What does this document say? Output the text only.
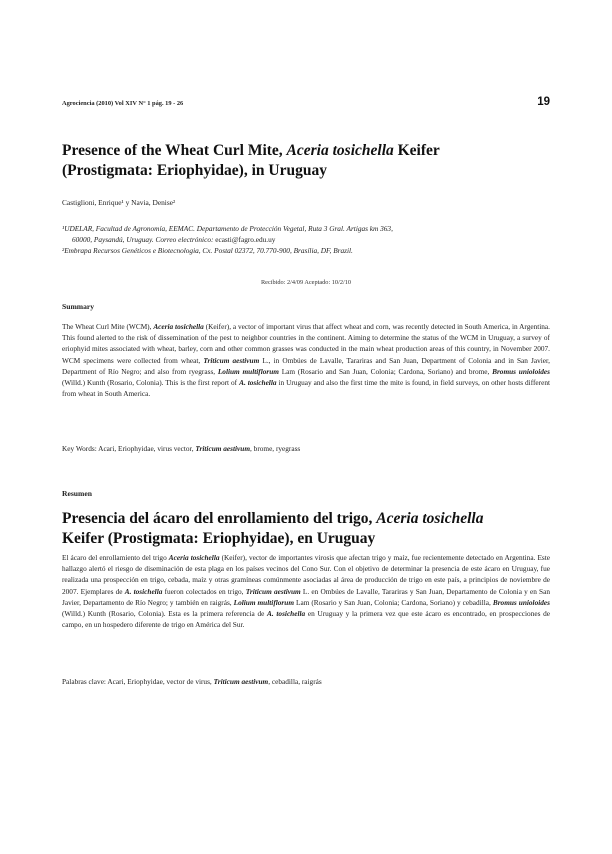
Agrociencia (2010) Vol XIV N° 1 pág. 19 - 26	19
Presence of the Wheat Curl Mite, Aceria tosichella Keifer
(Prostigmata: Eriophyidae), in Uruguay
Castiglioni, Enrique¹ y Navia, Denise²
¹UDELAR, Facultad de Agronomía, EEMAC. Departamento de Protección Vegetal, Ruta 3 Gral. Artigas km 363,
60000, Paysandú, Uruguay. Correo electrónico: ecasti@fagro.edu.uy
²Embrapa Recursos Genéticos e Biotecnologia, Cx. Postal 02372, 70.770-900, Brasília, DF, Brazil.
Recibido: 2/4/09 Aceptado: 10/2/10
Summary
The Wheat Curl Mite (WCM), Aceria tosichella (Keifer), a vector of important virus that affect wheat and corn, was recently detected in South America, in Argentina. This found alerted to the risk of dissemination of the pest to neighbor countries in the continent. Aiming to determine the status of the WCM in Uruguay, a survey of eriophyid mites associated with wheat, barley, corn and other common grasses was conducted in the main wheat production areas of this country, in November 2007. WCM specimens were collected from wheat, Triticum aestivum L., in Ombúes de Lavalle, Tarariras and San Juan, Department of Colonia and in San Javier, Department of Río Negro; and also from ryegrass, Lolium multiflorum Lam (Rosario and San Juan, Colonia; Cardona, Soriano) and brome, Bromus unioloides (Willd.) Kunth (Rosario, Colonia). This is the first report of A. tosichella in Uruguay and also the first time the mite is found, in field surveys, on other hosts different from wheat in South America.
Key Words: Acari, Eriophyidae, virus vector, Triticum aestivum, brome, ryegrass
Resumen
Presencia del ácaro del enrollamiento del trigo, Aceria tosichella
Keifer (Prostigmata: Eriophyidae), en Uruguay
El ácaro del enrollamiento del trigo Aceria tosichella (Keifer), vector de importantes virosis que afectan trigo y maíz, fue recientemente detectado en Argentina. Este hallazgo alertó el riesgo de diseminación de esta plaga en los países vecinos del Cono Sur. Con el objetivo de determinar la presencia de este ácaro en Uruguay, fue realizada una prospección en trigo, cebada, maíz y otras gramíneas comúnmente asociadas al área de producción de trigo en este país, a principios de noviembre de 2007. Ejemplares de A. tosichella fueron colectados en trigo, Triticum aestivum L. en Ombúes de Lavalle, Tarariras y San Juan, Departamento de Colonia y en San Javier, Departamento de Río Negro; y también en raigrás, Lolium multiflorum Lam (Rosario y San Juan, Colonia; Cardona, Soriano) y cebadilla, Bromus unioloides (Willd.) Kunth (Rosario, Colonia). Esta es la primera referencia de A. tosichella en Uruguay y la primera vez que este ácaro es encontrado, en prospecciones de campo, en un hospedero diferente de trigo en América del Sur.
Palabras clave: Acari, Eriophyidae, vector de virus, Triticum aestivum, cebadilla, raigrás
